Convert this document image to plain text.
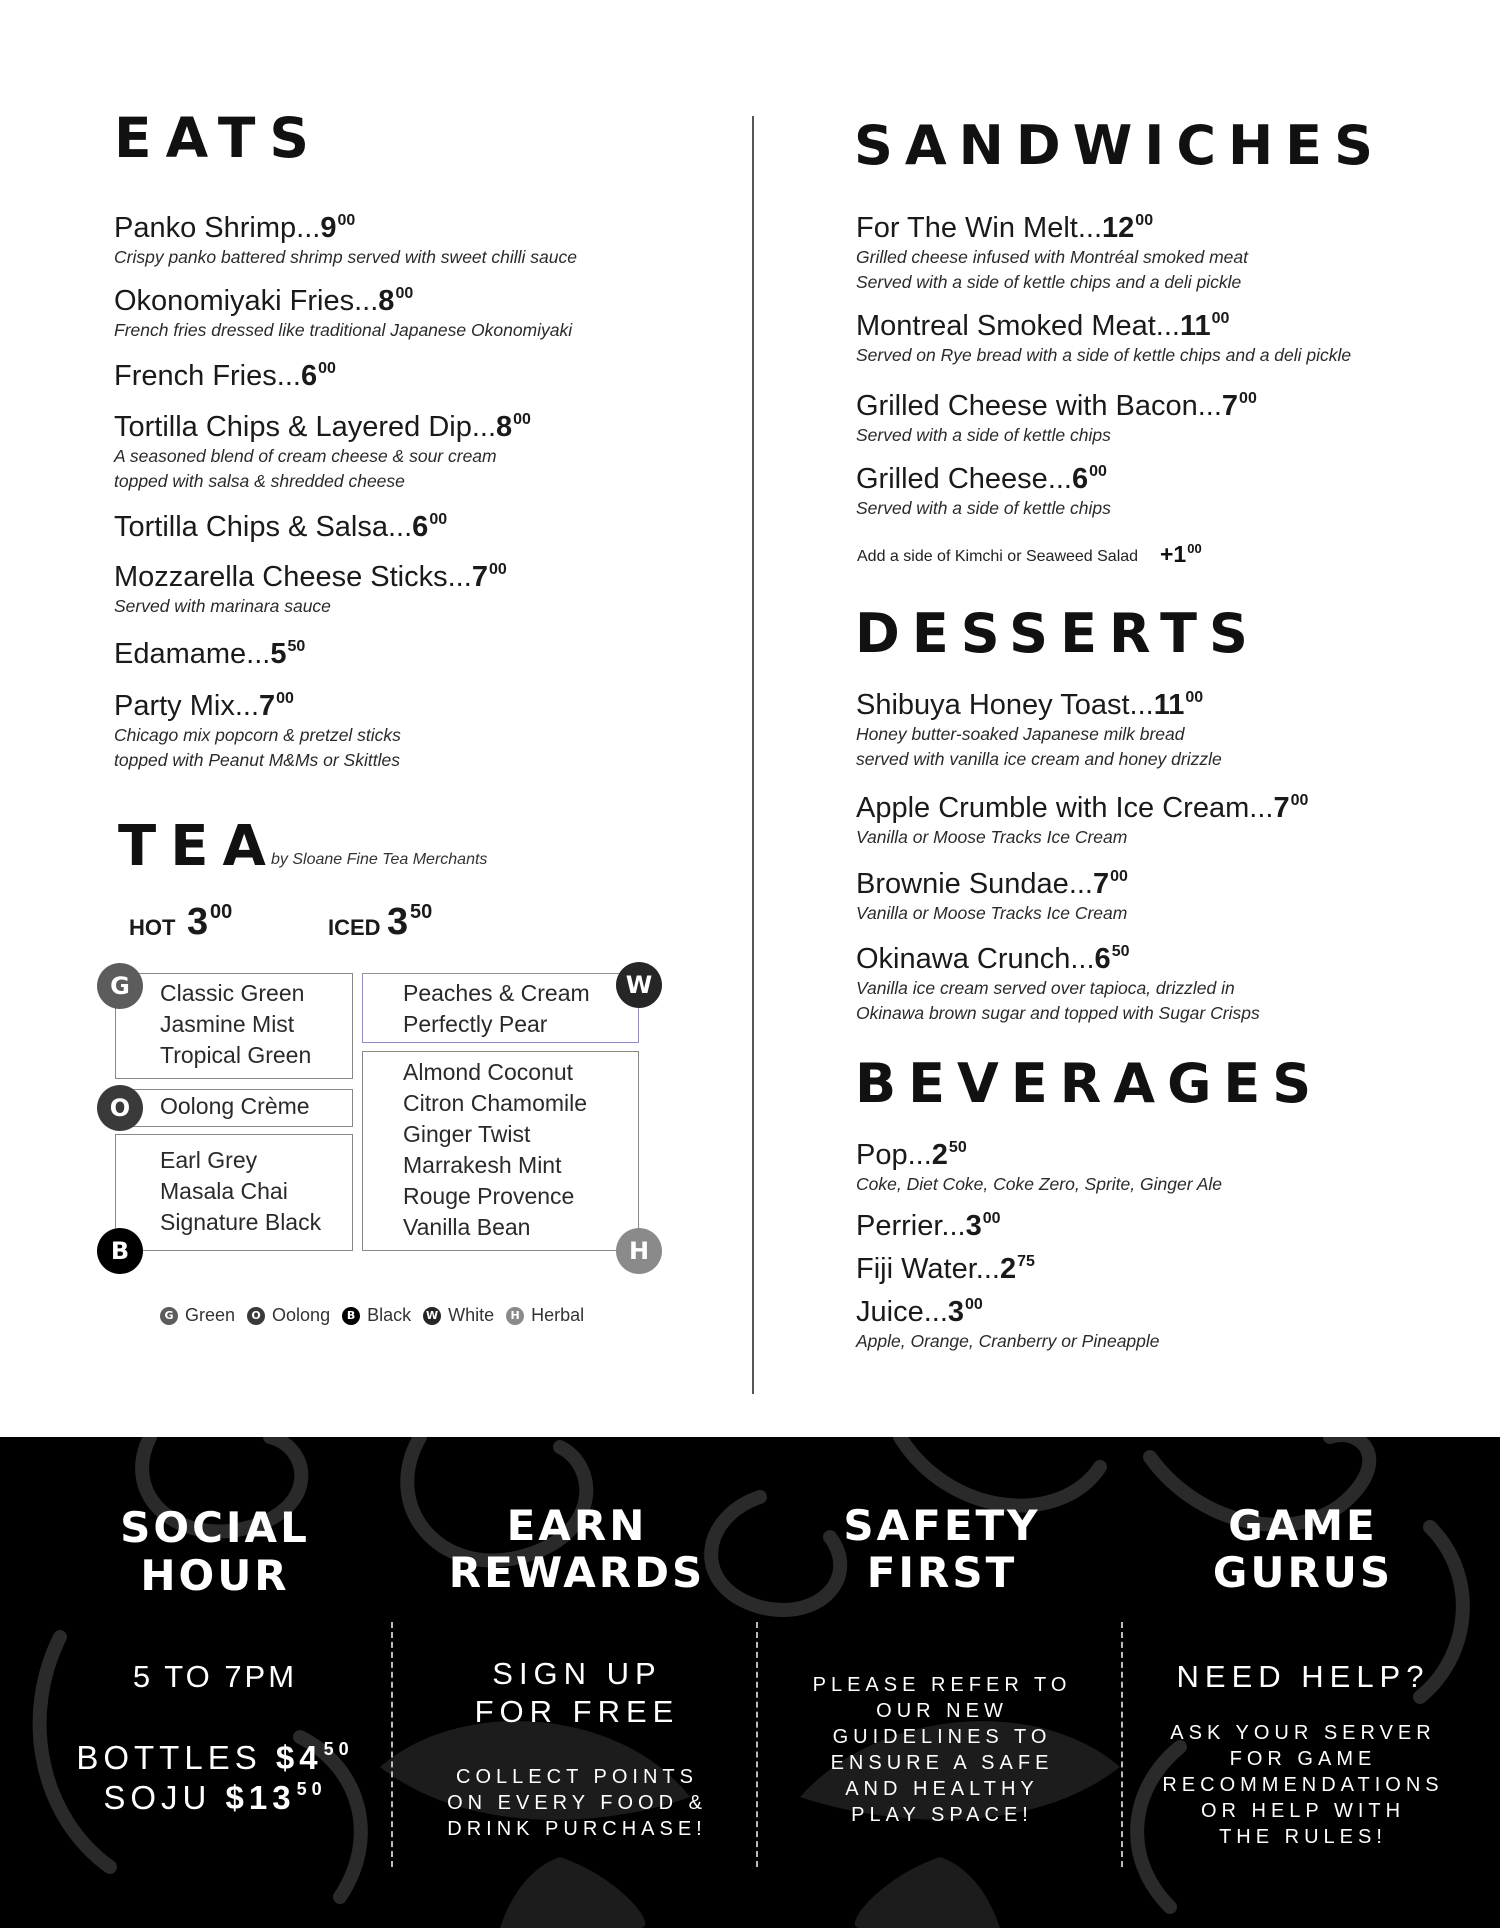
EATS
Panko Shrimp...9$^{00}$
Crispy panko battered shrimp served with sweet chilli sauce
Okonomiyaki Fries...8$^{00}$
French fries dressed like traditional Japanese Okonomiyaki
French Fries...6$^{00}$
Tortilla Chips & Layered Dip...8$^{00}$
A seasoned blend of cream cheese & sour cream
topped with salsa & shredded cheese
Tortilla Chips & Salsa...6$^{00}$
Mozzarella Cheese Sticks...7$^{00}$
Served with marinara sauce
Edamame...5$^{50}$
Party Mix...7$^{00}$
Chicago mix popcorn & pretzel sticks
topped with Peanut M&Ms or Skittles
TEA
by Sloane Fine Tea Merchants
HOT 3 00
ICED 3 50
Classic Green
Jasmine Mist
Tropical Green
Oolong Crème
Earl Grey
Masala Chai
Signature Black
Peaches & Cream
Perfectly Pear
Almond Coconut
Citron Chamomile
Ginger Twist
Marrakesh Mint
Rouge Provence
Vanilla Bean
G
O
B
W
H
G Green	O Oolong	B Black W White	H Herbal
SANDWICHES
For The Win Melt...12$^{00}$
Grilled cheese infused with Montréal smoked meat
Served with a side of kettle chips and a deli pickle
Montreal Smoked Meat...11$^{00}$
Served on Rye bread with a side of kettle chips and a deli pickle
Grilled Cheese with Bacon...7$^{00}$
Served with a side of kettle chips
Grilled Cheese...6$^{00}$
Served with a side of kettle chips
Add a side of Kimchi or Seaweed Salad $+1^{00}$
DESSERTS
Shibuya Honey Toast...11$^{00}$
Honey butter-soaked Japanese milk bread
served with vanilla ice cream and honey drizzle
Apple Crumble with Ice Cream...7$^{00}$
Vanilla or Moose Tracks Ice Cream
Brownie Sundae...7$^{00}$
Vanilla or Moose Tracks Ice Cream
Okinawa Crunch...6$^{50}$
Vanilla ice cream served over tapioca, drizzled in
Okinawa brown sugar and topped with Sugar Crisps
BEVERAGES
Pop...2$^{50}$
Coke, Diet Coke, Coke Zero, Sprite, Ginger Ale
Perrier...3$^{00}$
Fiji Water...2$^{75}$
Juice...3$^{00}$
Apple, Orange, Cranberry or Pineapple
SOCIAL
HOUR
5 TO 7PM
BOTTLES $\$4^{50}$
SOJU $\$13^{50}$
EARN
REWARDS
SIGN UP
FOR FREE
COLLECT POINTS
ON EVERY FOOD &
DRINK PURCHASE!
SAFETY
FIRST
PLEASE REFER TO
OUR NEW
GUIDELINES TO
ENSURE A SAFE
AND HEALTHY
PLAY SPACE!
GAME
GURUS
NEED HELP?
ASK YOUR SERVER
FOR GAME
RECOMMENDATIONS
OR HELP WITH
THE RULES!
